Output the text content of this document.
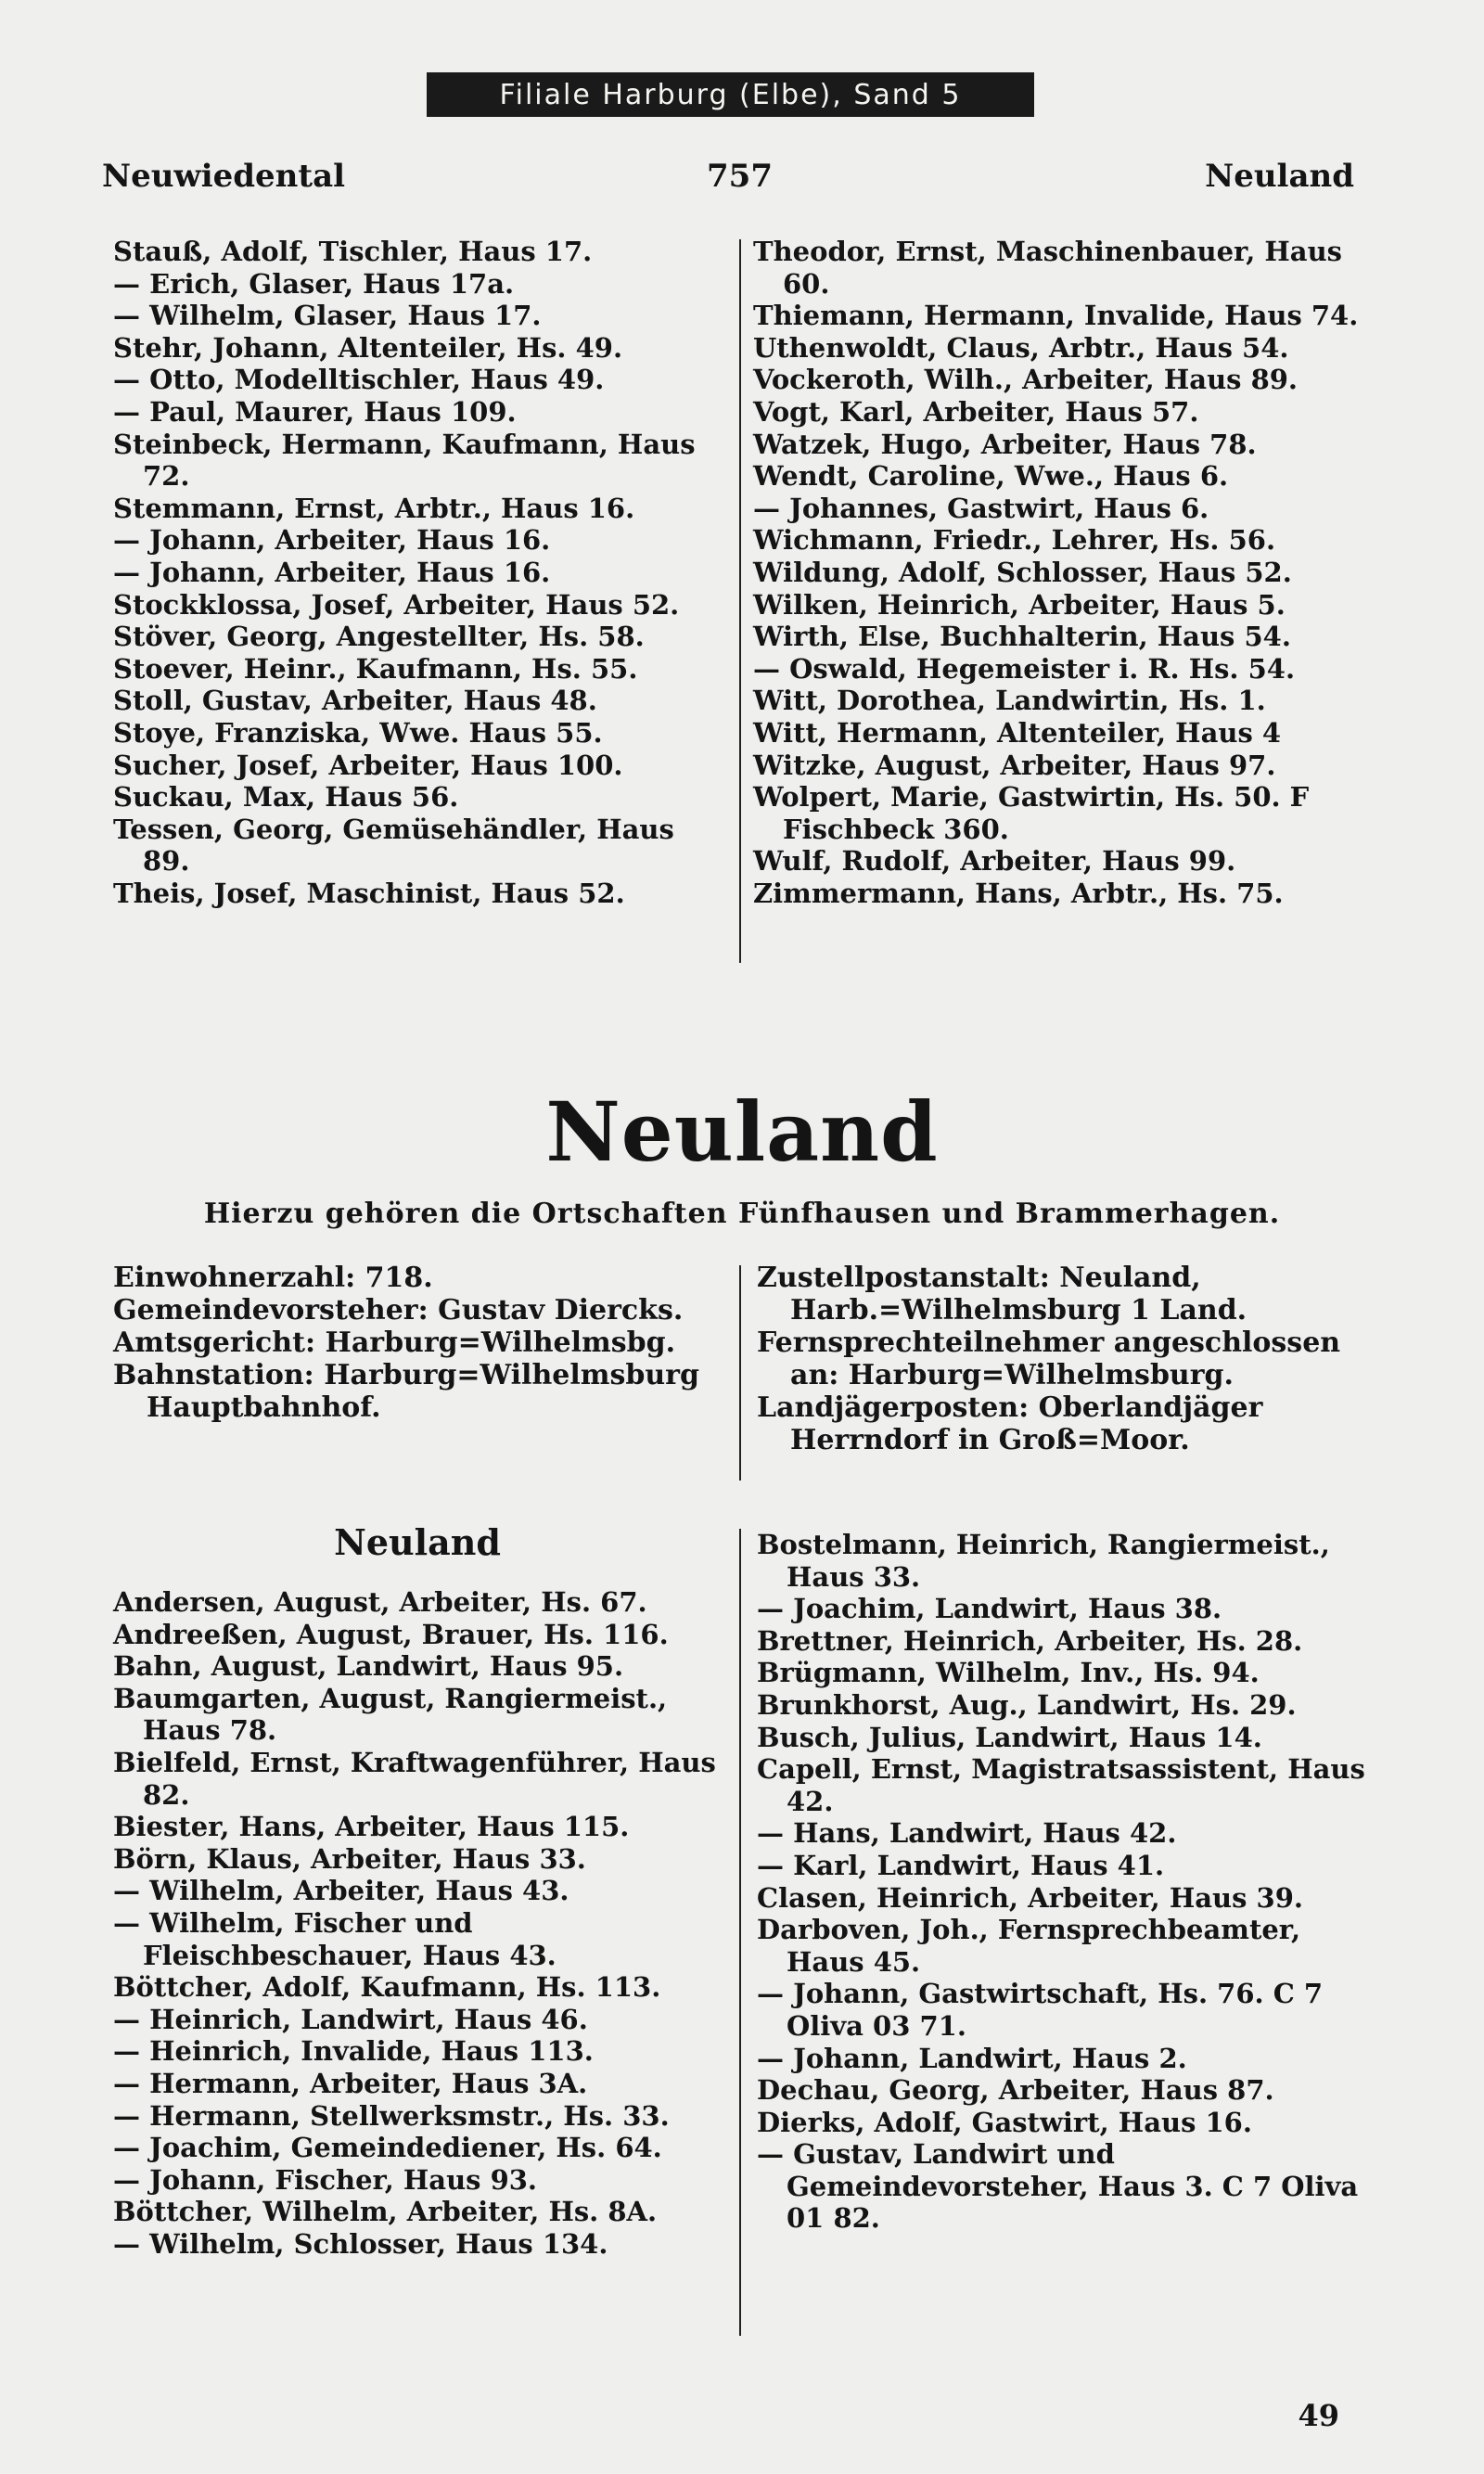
Filiale Harburg (Elbe), Sand 5
Neuwiedental	757	Neuland
Stauß, Adolf, Tischler, Haus 17.
— Erich, Glaser, Haus 17a.
— Wilhelm, Glaser, Haus 17.
Stehr, Johann, Altenteiler, Hs. 49.
— Otto, Modelltischler, Haus 49.
— Paul, Maurer, Haus 109.
Steinbeck, Hermann, Kaufmann, Haus 72.
Stemmann, Ernst, Arbtr., Haus 16.
— Johann, Arbeiter, Haus 16.
— Johann, Arbeiter, Haus 16.
Stockklossa, Josef, Arbeiter, Haus 52.
Stöver, Georg, Angestellter, Hs. 58.
Stoever, Heinr., Kaufmann, Hs. 55.
Stoll, Gustav, Arbeiter, Haus 48.
Stoye, Franziska, Wwe. Haus 55.
Sucher, Josef, Arbeiter, Haus 100.
Suckau, Max, Haus 56.
Tessen, Georg, Gemüsehändler, Haus 89.
Theis, Josef, Maschinist, Haus 52.
Theodor, Ernst, Maschinenbauer, Haus 60.
Thiemann, Hermann, Invalide, Haus 74.
Uthenwoldt, Claus, Arbtr., Haus 54.
Vockeroth, Wilh., Arbeiter, Haus 89.
Vogt, Karl, Arbeiter, Haus 57.
Watzek, Hugo, Arbeiter, Haus 78.
Wendt, Caroline, Wwe., Haus 6.
— Johannes, Gastwirt, Haus 6.
Wichmann, Friedr., Lehrer, Hs. 56.
Wildung, Adolf, Schlosser, Haus 52.
Wilken, Heinrich, Arbeiter, Haus 5.
Wirth, Else, Buchhalterin, Haus 54.
— Oswald, Hegemeister i. R. Hs. 54.
Witt, Dorothea, Landwirtin, Hs. 1.
Witt, Hermann, Altenteiler, Haus 4
Witzke, August, Arbeiter, Haus 97.
Wolpert, Marie, Gastwirtin, Hs. 50. F Fischbeck 360.
Wulf, Rudolf, Arbeiter, Haus 99.
Zimmermann, Hans, Arbtr., Hs. 75.
Neuland
Hierzu gehören die Ortschaften Fünfhausen und Brammerhagen.
Einwohnerzahl: 718.
Gemeindevorsteher: Gustav Diercks.
Amtsgericht: Harburg=Wilhelmsbg.
Bahnstation: Harburg=Wilhelmsburg Hauptbahnhof.
Zustellpostanstalt: Neuland, Harb.=Wilhelmsburg 1 Land.
Fernsprechteilnehmer angeschlossen an: Harburg=Wilhelmsburg.
Landjägerposten: Oberlandjäger Herrndorf in Groß=Moor.
Neuland
Andersen, August, Arbeiter, Hs. 67.
Andreeßen, August, Brauer, Hs. 116.
Bahn, August, Landwirt, Haus 95.
Baumgarten, August, Rangiermeist., Haus 78.
Bielfeld, Ernst, Kraftwagenführer, Haus 82.
Biester, Hans, Arbeiter, Haus 115.
Börn, Klaus, Arbeiter, Haus 33.
— Wilhelm, Arbeiter, Haus 43.
— Wilhelm, Fischer und Fleischbeschauer, Haus 43.
Böttcher, Adolf, Kaufmann, Hs. 113.
— Heinrich, Landwirt, Haus 46.
— Heinrich, Invalide, Haus 113.
— Hermann, Arbeiter, Haus 3A.
— Hermann, Stellwerksmstr., Hs. 33.
— Joachim, Gemeindediener, Hs. 64.
— Johann, Fischer, Haus 93.
Böttcher, Wilhelm, Arbeiter, Hs. 8A.
— Wilhelm, Schlosser, Haus 134.
Bostelmann, Heinrich, Rangiermeist., Haus 33.
— Joachim, Landwirt, Haus 38.
Brettner, Heinrich, Arbeiter, Hs. 28.
Brügmann, Wilhelm, Inv., Hs. 94.
Brunkhorst, Aug., Landwirt, Hs. 29.
Busch, Julius, Landwirt, Haus 14.
Capell, Ernst, Magistratsassistent, Haus 42.
— Hans, Landwirt, Haus 42.
— Karl, Landwirt, Haus 41.
Clasen, Heinrich, Arbeiter, Haus 39.
Darboven, Joh., Fernsprechbeamter, Haus 45.
— Johann, Gastwirtschaft, Hs. 76. C 7 Oliva 03 71.
— Johann, Landwirt, Haus 2.
Dechau, Georg, Arbeiter, Haus 87.
Dierks, Adolf, Gastwirt, Haus 16.
— Gustav, Landwirt und Gemeindevorsteher, Haus 3. C 7 Oliva 01 82.
49
